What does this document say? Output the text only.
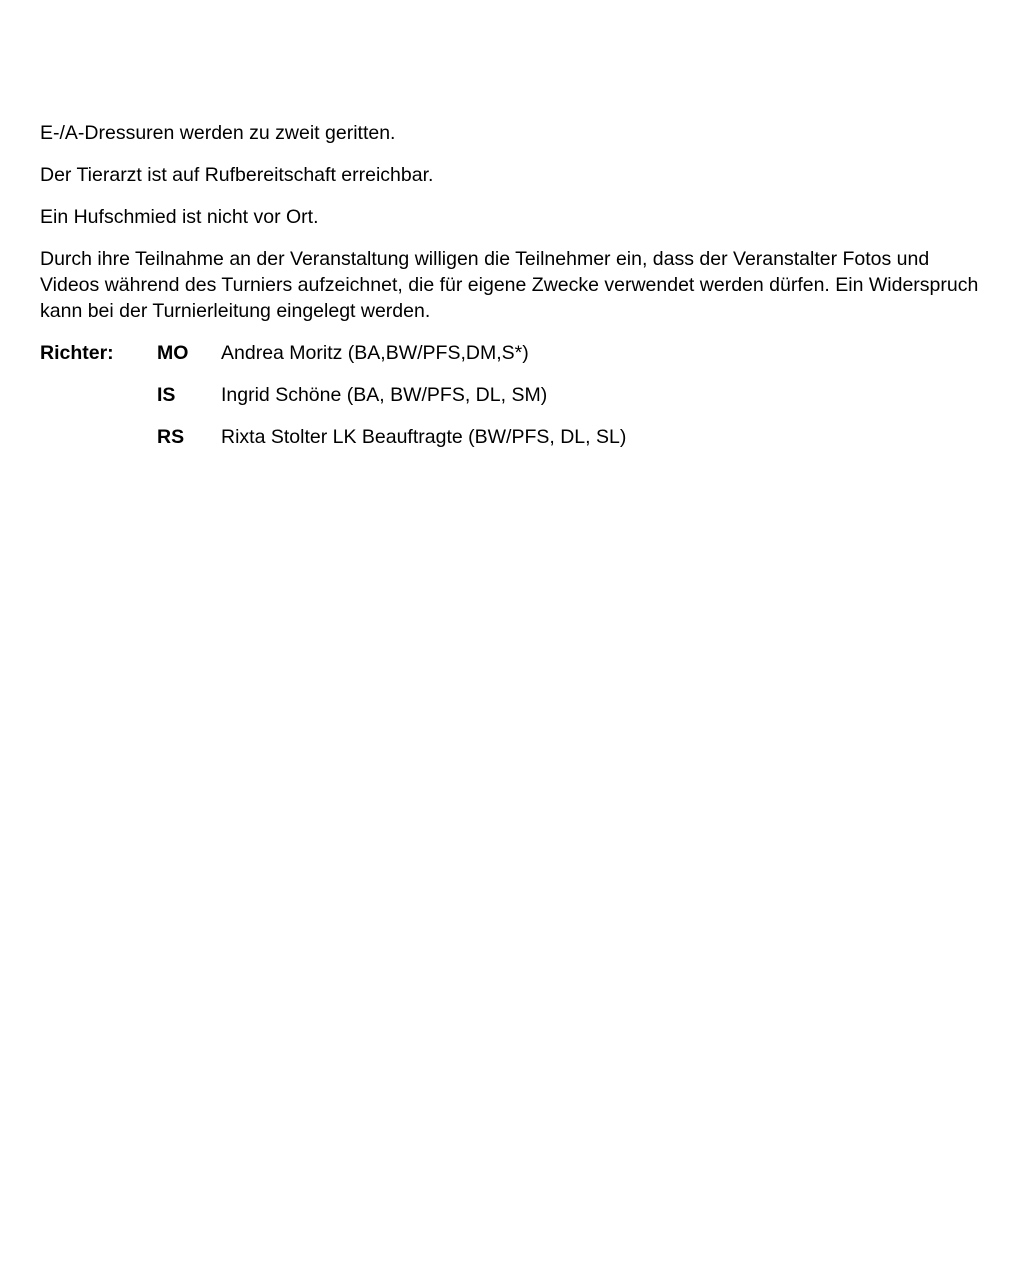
E-/A-Dressuren werden zu zweit geritten.

Der Tierarzt ist auf Rufbereitschaft erreichbar.

Ein Hufschmied ist nicht vor Ort.

Durch ihre Teilnahme an der Veranstaltung willigen die Teilnehmer ein, dass der Veranstalter Fotos und Videos während des Turniers aufzeichnet, die für eigene Zwecke verwendet werden dürfen. Ein Widerspruch kann bei der Turnierleitung eingelegt werden.

Richter:	MO	Andrea Moritz (BA,BW/PFS,DM,S*)
IS	Ingrid Schöne (BA, BW/PFS, DL, SM)
RS	Rixta Stolter LK Beauftragte (BW/PFS, DL, SL)
